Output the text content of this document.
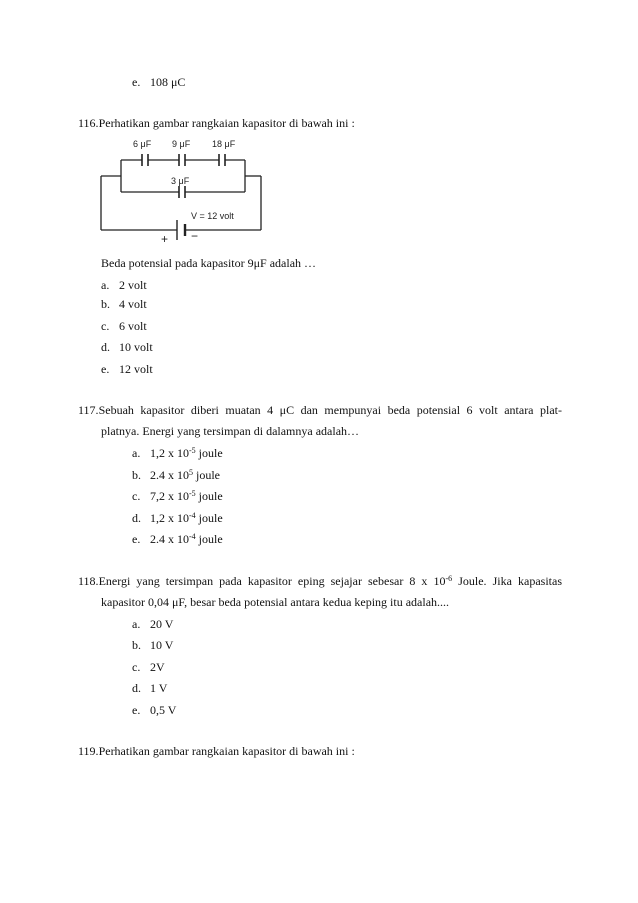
e. 108 μC
116.Perhatikan gambar rangkaian kapasitor di bawah ini :
6 μF 9 μF 18 μF
3 μF
V = 12 volt
+ −
Beda potensial pada kapasitor 9μF adalah …
a. 2 volt
b. 4 volt
c. 6 volt
d. 10 volt
e. 12 volt
117.Sebuah kapasitor diberi muatan 4 μC dan mempunyai beda potensial 6 volt antara plat-
platnya. Energi yang tersimpan di dalamnya adalah…
a. 1,2 x $10^{-5}$ joule
b. 2.4 x $10^5$ joule
c. 7,2 x $10^{-5}$ joule
d. 1,2 x $10^{-4}$ joule
e. 2.4 x $10^{-4}$ joule
118.Energi yang tersimpan pada kapasitor eping sejajar sebesar 8 x $10^{-6}$ Joule. Jika kapasitas
kapasitor 0,04 μF, besar beda potensial antara kedua keping itu adalah....
a. 20 V
b. 10 V
c. 2V
d. 1 V
e. 0,5 V
119.Perhatikan gambar rangkaian kapasitor di bawah ini :
